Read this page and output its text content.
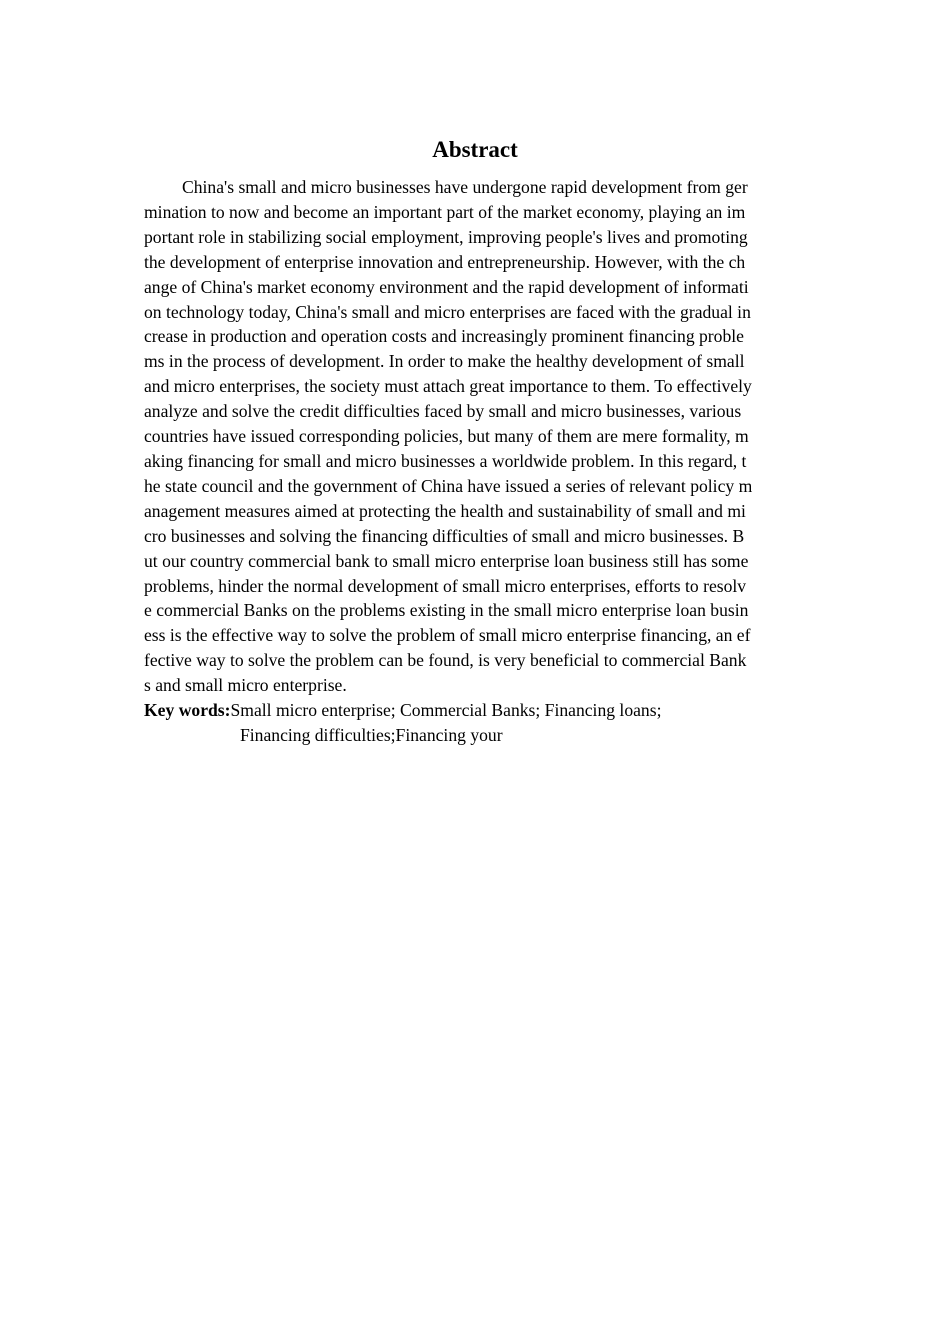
Abstract
China's small and micro businesses have undergone rapid development from ger
mination to now and become an important part of the market economy, playing an im
portant role in stabilizing social employment, improving people's lives and promoting
the development of enterprise innovation and entrepreneurship. However, with the ch
ange of China's market economy environment and the rapid development of informati
on technology today, China's small and micro enterprises are faced with the gradual in
crease in production and operation costs and increasingly prominent financing proble
ms in the process of development. In order to make the healthy development of small
and micro enterprises, the society must attach great importance to them. To effectively
analyze and solve the credit difficulties faced by small and micro businesses, various
countries have issued corresponding policies, but many of them are mere formality, m
aking financing for small and micro businesses a worldwide problem. In this regard, t
he state council and the government of China have issued a series of relevant policy m
anagement measures aimed at protecting the health and sustainability of small and mi
cro businesses and solving the financing difficulties of small and micro businesses. B
ut our country commercial bank to small micro enterprise loan business still has some
problems, hinder the normal development of small micro enterprises, efforts to resolv
e commercial Banks on the problems existing in the small micro enterprise loan busin
ess is the effective way to solve the problem of small micro enterprise financing, an ef
fective way to solve the problem can be found, is very beneficial to commercial Bank
s and small micro enterprise.
Key words:Small micro enterprise; Commercial Banks; Financing loans;
Financing difficulties;Financing your
